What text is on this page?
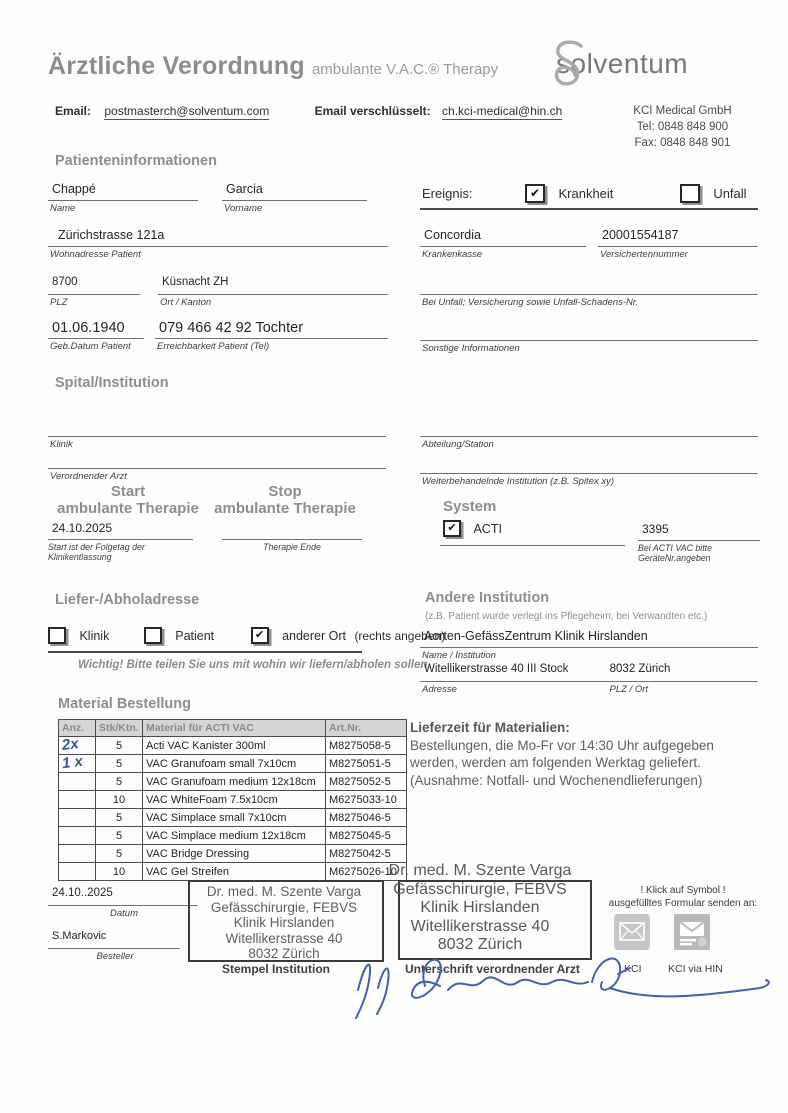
Ärztliche Verordnung ambulante V.A.C.® Therapy solventum
Email: postmasterch@solventum.com	Email verschlüsselt: ch.kci-medical@hin.ch	KCI Medical GmbH
Tel: 0848 848 900
Fax: 0848 848 901
Patienteninformationen
Chappé
Name
Garcia
Vorname
Ereignis:	✔ Krankheit	Unfall
Zürichstrasse 121a
Wohnadresse Patient
Concordia
Krankenkasse
20001554187
Versichertennummer
8700
PLZ
Küsnacht ZH
Ort / Kanton	Bei Unfall; Versicherung sowie Unfall-Schadens-Nr.
01.06.1940
Geb.Datum Patient
079 466 42 92 Tochter
Erreichbarkeit Patient (Tel)	Sonstige Informationen
Spital/Institution
Klinik	Abteilung/Station
Verordnender Arzt	Weiterbehandelnde Institution (z.B. Spitex xy)
Start
ambulante Therapie
Stop
ambulante Therapie	System
24.10.2025
Start ist der Folgetag der Klinikentlassung
Therapie Ende
✔ ACTI	3395
Bei ACTI VAC bitte GeräteNr.angeben
Liefer-/Abholadresse	Andere Institution
(z.B. Patient wurde verlegt ins Pflegeheim, bei Verwandten etc.)
Klinik	Patient	✔ anderer Ort (rechts angeben)
Wichtig! Bitte teilen Sie uns mit wohin wir liefern/abholen sollen.
Aorten-GefässZentrum Klinik Hirslanden
Name / Institution
Witellikerstrasse 40 III Stock	8032 Zürich
Adresse	PLZ / Ort
Material Bestellung
Anz.	Stk/Ktn.	Material für ACTI VAC	Art.Nr.
2x	5	Acti VAC Kanister 300ml	M8275058-5
1 x	5	VAC Granufoam small 7x10cm	M8275051-5
	5	VAC Granufoam medium 12x18cm	M8275052-5
	10	VAC WhiteFoam 7.5x10cm	M6275033-10
	5	VAC Simplace small 7x10cm	M8275046-5
	5	VAC Simplace medium 12x18cm	M8275045-5
	5	VAC Bridge Dressing	M8275042-5
	10	VAC Gel Streifen	M6275026-10
Lieferzeit für Materialien:
Bestellungen, die Mo-Fr vor 14:30 Uhr aufgegeben werden, werden am folgenden Werktag geliefert. (Ausnahme: Notfall- und Wochenendlieferungen)
24.10..2025
Datum
S.Markovic
Besteller
Dr. med. M. Szente Varga
Gefässchirurgie, FEBVS
Klinik Hirslanden
Witellikerstrasse 40
8032 Zürich
Stempel Institution
Dr. med. M. Szente Varga
Gefässchirurgie, FEBVS
Klinik Hirslanden
Witellikerstrasse 40
8032 Zürich
Unterschrift verordnender Arzt
! Klick auf Symbol !
ausgefülltes Formular senden an:
KCI	KCI via HIN
